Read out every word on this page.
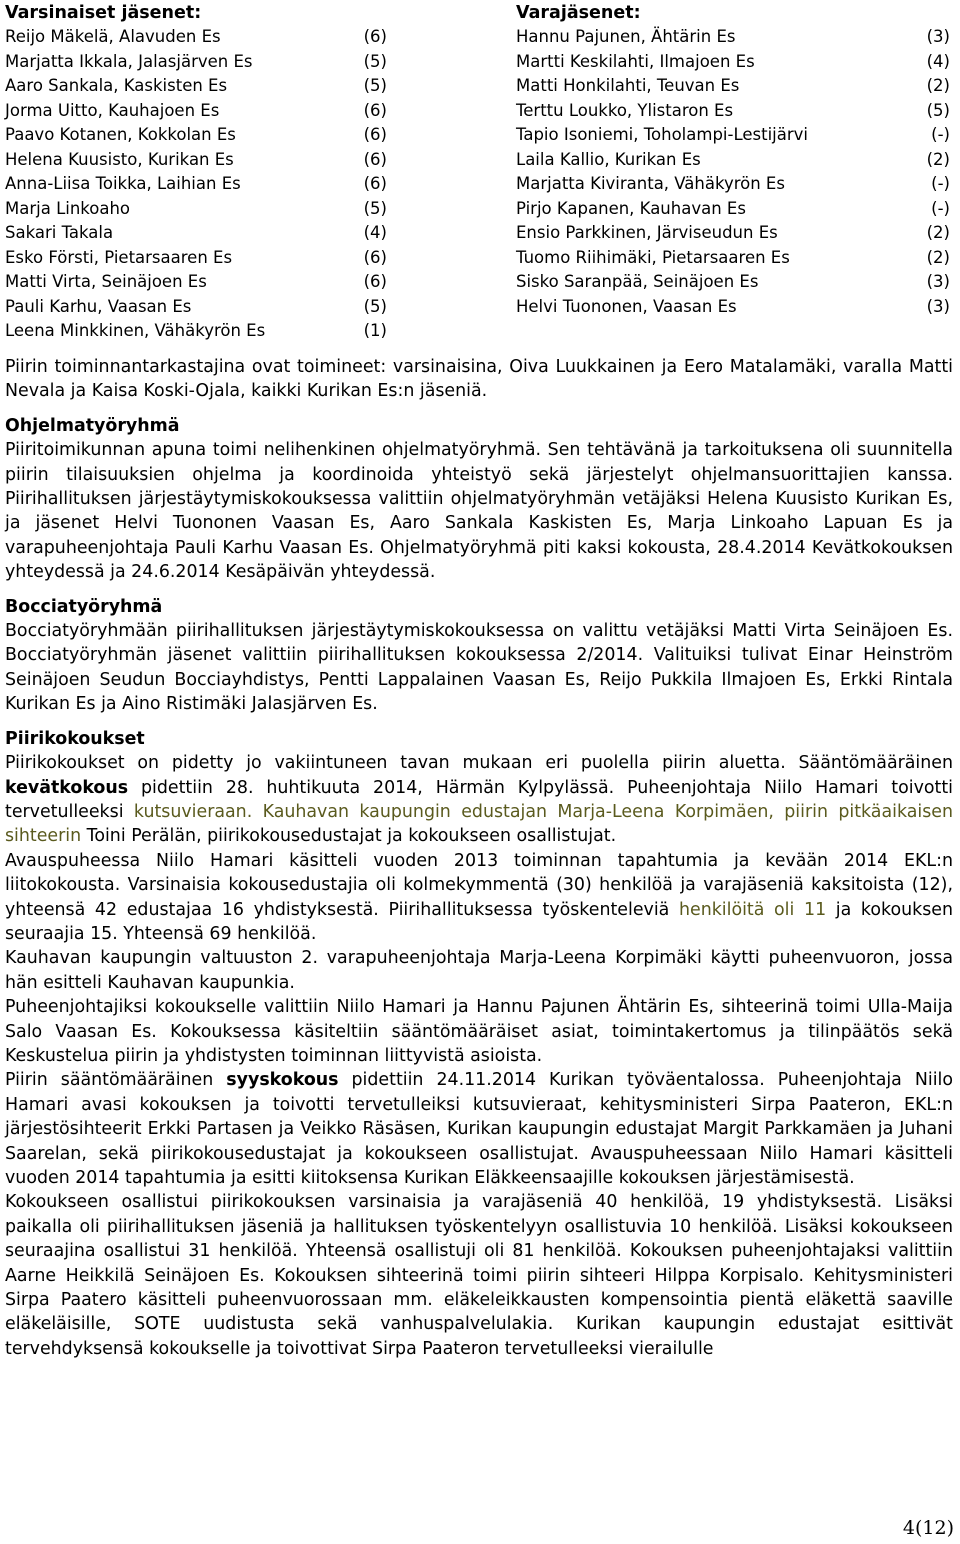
Varsinaiset jäsenet:
Reijo Mäkelä, Alavuden Es	(6)
Marjatta Ikkala, Jalasjärven Es	(5)
Aaro Sankala, Kaskisten Es	(5)
Jorma Uitto, Kauhajoen Es	(6)
Paavo Kotanen, Kokkolan Es	(6)
Helena Kuusisto, Kurikan Es	(6)
Anna-Liisa Toikka, Laihian Es	(6)
Marja Linkoaho	(5)
Sakari Takala	(4)
Esko Försti, Pietarsaaren Es	(6)
Matti Virta, Seinäjoen Es	(6)
Pauli Karhu, Vaasan Es	(5)
Leena Minkkinen, Vähäkyrön Es	(1)
Varajäsenet:
Hannu Pajunen, Ähtärin Es	(3)
Martti Keskilahti, Ilmajoen Es	(4)
Matti Honkilahti, Teuvan Es	(2)
Terttu Loukko, Ylistaron Es	(5)
Tapio Isoniemi, Toholampi-Lestijärvi	(-)
Laila Kallio, Kurikan Es	(2)
Marjatta Kiviranta, Vähäkyrön Es	(-)
Pirjo Kapanen, Kauhavan Es	(-)
Ensio Parkkinen, Järviseudun Es	(2)
Tuomo Riihimäki, Pietarsaaren Es	(2)
Sisko Saranpää, Seinäjoen Es	(3)
Helvi Tuononen, Vaasan Es	(3)

Piirin toiminnantarkastajina ovat toimineet: varsinaisina, Oiva Luukkainen ja Eero Matalamäki, varalla Matti Nevala ja Kaisa Koski-Ojala, kaikki Kurikan Es:n jäseniä.

Ohjelmatyöryhmä

Piiritoimikunnan apuna toimi nelihenkinen ohjelmatyöryhmä. Sen tehtävänä ja tarkoituksena oli suunnitella piirin tilaisuuksien ohjelma ja koordinoida yhteistyö sekä järjestelyt ohjelmansuorittajien kanssa. Piirihallituksen järjestäytymiskokouksessa valittiin ohjelmatyöryhmän vetäjäksi Helena Kuusisto Kurikan Es, ja jäsenet Helvi Tuononen Vaasan Es, Aaro Sankala Kaskisten Es, Marja Linkoaho Lapuan Es ja varapuheenjohtaja Pauli Karhu Vaasan Es. Ohjelmatyöryhmä piti kaksi kokousta, 28.4.2014 Kevätkokouksen yhteydessä ja 24.6.2014 Kesäpäivän yhteydessä.

Bocciatyöryhmä

Bocciatyöryhmään piirihallituksen järjestäytymiskokouksessa on valittu vetäjäksi Matti Virta Seinäjoen Es. Bocciatyöryhmän jäsenet valittiin piirihallituksen kokouksessa 2/2014. Valituiksi tulivat Einar Heinström Seinäjoen Seudun Bocciayhdistys, Pentti Lappalainen Vaasan Es, Reijo Pukkila Ilmajoen Es, Erkki Rintala Kurikan Es ja Aino Ristimäki Jalasjärven Es.

Piirikokoukset

Piirikokoukset on pidetty jo vakiintuneen tavan mukaan eri puolella piirin aluetta. Sääntömääräinen kevätkokous pidettiin 28. huhtikuuta 2014, Härmän Kylpylässä. Puheenjohtaja Niilo Hamari toivotti tervetulleeksi kutsuvieraan. Kauhavan kaupungin edustajan Marja-Leena Korpimäen, piirin pitkäaikaisen sihteerin Toini Perälän, piirikokousedustajat ja kokoukseen osallistujat.

Avauspuheessa Niilo Hamari käsitteli vuoden 2013 toiminnan tapahtumia ja kevään 2014 EKL:n liitokokousta. Varsinaisia kokousedustajia oli kolmekymmentä (30) henkilöä ja varajäseniä kaksitoista (12), yhteensä 42 edustajaa 16 yhdistyksestä. Piirihallituksessa työskenteleviä henkilöitä oli 11 ja kokouksen seuraajia 15. Yhteensä 69 henkilöä.

Kauhavan kaupungin valtuuston 2. varapuheenjohtaja Marja-Leena Korpimäki käytti puheenvuoron, jossa hän esitteli Kauhavan kaupunkia.

Puheenjohtajiksi kokoukselle valittiin Niilo Hamari ja Hannu Pajunen Ähtärin Es, sihteerinä toimi Ulla-Maija Salo Vaasan Es. Kokouksessa käsiteltiin sääntömääräiset asiat, toimintakertomus ja tilinpäätös sekä Keskustelua piirin ja yhdistysten toiminnan liittyvistä asioista.

Piirin sääntömääräinen syyskokous pidettiin 24.11.2014 Kurikan työväentalossa. Puheenjohtaja Niilo Hamari avasi kokouksen ja toivotti tervetulleiksi kutsuvieraat, kehitysministeri Sirpa Paateron, EKL:n järjestösihteerit Erkki Partasen ja Veikko Räsäsen, Kurikan kaupungin edustajat Margit Parkkamäen ja Juhani Saarelan, sekä piirikokousedustajat ja kokoukseen osallistujat. Avauspuheessaan Niilo Hamari käsitteli vuoden 2014 tapahtumia ja esitti kiitoksensa Kurikan Eläkkeensaajille kokouksen järjestämisestä.

Kokoukseen osallistui piirikokouksen varsinaisia ja varajäseniä 40 henkilöä, 19 yhdistyksestä. Lisäksi paikalla oli piirihallituksen jäseniä ja hallituksen työskentelyyn osallistuvia 10 henkilöä. Lisäksi kokoukseen seuraajina osallistui 31 henkilöä. Yhteensä osallistuji oli 81 henkilöä. Kokouksen puheenjohtajaksi valittiin Aarne Heikkilä Seinäjoen Es. Kokouksen sihteerinä toimi piirin sihteeri Hilppa Korpisalo. Kehitysministeri Sirpa Paatero käsitteli puheenvuorossaan mm. eläkeleikkausten kompensointia pientä eläkettä saaville eläkeläisille, SOTE uudistusta sekä vanhuspalvelulakia. Kurikan kaupungin edustajat esittivät tervehdyksensä kokoukselle ja toivottivat Sirpa Paateron tervetulleeksi vierailulle

4(12)
